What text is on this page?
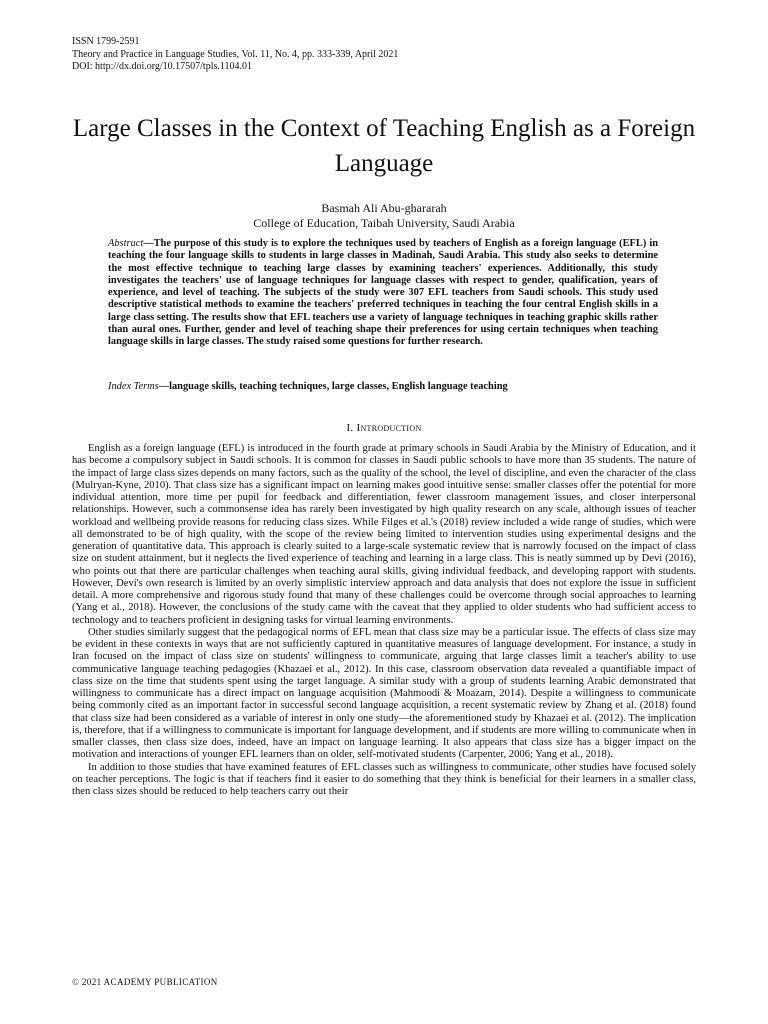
ISSN 1799-2591
Theory and Practice in Language Studies, Vol. 11, No. 4, pp. 333-339, April 2021
DOI: http://dx.doi.org/10.17507/tpls.1104.01
Large Classes in the Context of Teaching English as a Foreign Language
Basmah Ali Abu-ghararah
College of Education, Taibah University, Saudi Arabia

Abstract—The purpose of this study is to explore the techniques used by teachers of English as a foreign language (EFL) in teaching the four language skills to students in large classes in Madinah, Saudi Arabia. This study also seeks to determine the most effective technique to teaching large classes by examining teachers' experiences. Additionally, this study investigates the teachers' use of language techniques for language classes with respect to gender, qualification, years of experience, and level of teaching. The subjects of the study were 307 EFL teachers from Saudi schools. This study used descriptive statistical methods to examine the teachers' preferred techniques in teaching the four central English skills in a large class setting. The results show that EFL teachers use a variety of language techniques in teaching graphic skills rather than aural ones. Further, gender and level of teaching shape their preferences for using certain techniques when teaching language skills in large classes. The study raised some questions for further research.

Index Terms—language skills, teaching techniques, large classes, English language teaching

I. Introduction

English as a foreign language (EFL) is introduced in the fourth grade at primary schools in Saudi Arabia by the Ministry of Education, and it has become a compulsory subject in Saudi schools. It is common for classes in Saudi public schools to have more than 35 students. The nature of the impact of large class sizes depends on many factors, such as the quality of the school, the level of discipline, and even the character of the class (Mulryan-Kyne, 2010). That class size has a significant impact on learning makes good intuitive sense: smaller classes offer the potential for more individual attention, more time per pupil for feedback and differentiation, fewer classroom management issues, and closer interpersonal relationships. However, such a commonsense idea has rarely been investigated by high quality research on any scale, although issues of teacher workload and wellbeing provide reasons for reducing class sizes. While Filges et al.'s (2018) review included a wide range of studies, which were all demonstrated to be of high quality, with the scope of the review being limited to intervention studies using experimental designs and the generation of quantitative data. This approach is clearly suited to a large-scale systematic review that is narrowly focused on the impact of class size on student attainment, but it neglects the lived experience of teaching and learning in a large class. This is neatly summed up by Devi (2016), who points out that there are particular challenges when teaching aural skills, giving individual feedback, and developing rapport with students. However, Devi's own research is limited by an overly simplistic interview approach and data analysis that does not explore the issue in sufficient detail. A more comprehensive and rigorous study found that many of these challenges could be overcome through social approaches to learning (Yang et al., 2018). However, the conclusions of the study came with the caveat that they applied to older students who had sufficient access to technology and to teachers proficient in designing tasks for virtual learning environments.

Other studies similarly suggest that the pedagogical norms of EFL mean that class size may be a particular issue. The effects of class size may be evident in these contexts in ways that are not sufficiently captured in quantitative measures of language development. For instance, a study in Iran focused on the impact of class size on students' willingness to communicate, arguing that large classes limit a teacher's ability to use communicative language teaching pedagogies (Khazaei et al., 2012). In this case, classroom observation data revealed a quantifiable impact of class size on the time that students spent using the target language. A similar study with a group of students learning Arabic demonstrated that willingness to communicate has a direct impact on language acquisition (Mahmoodi & Moazam, 2014). Despite a willingness to communicate being commonly cited as an important factor in successful second language acquisition, a recent systematic review by Zhang et al. (2018) found that class size had been considered as a variable of interest in only one study—the aforementioned study by Khazaei et al. (2012). The implication is, therefore, that if a willingness to communicate is important for language development, and if students are more willing to communicate when in smaller classes, then class size does, indeed, have an impact on language learning. It also appears that class size has a bigger impact on the motivation and interactions of younger EFL learners than on older, self-motivated students (Carpenter, 2006; Yang et al., 2018).

In addition to those studies that have examined features of EFL classes such as willingness to communicate, other studies have focused solely on teacher perceptions. The logic is that if teachers find it easier to do something that they think is beneficial for their learners in a smaller class, then class sizes should be reduced to help teachers carry out their

© 2021 ACADEMY PUBLICATION
